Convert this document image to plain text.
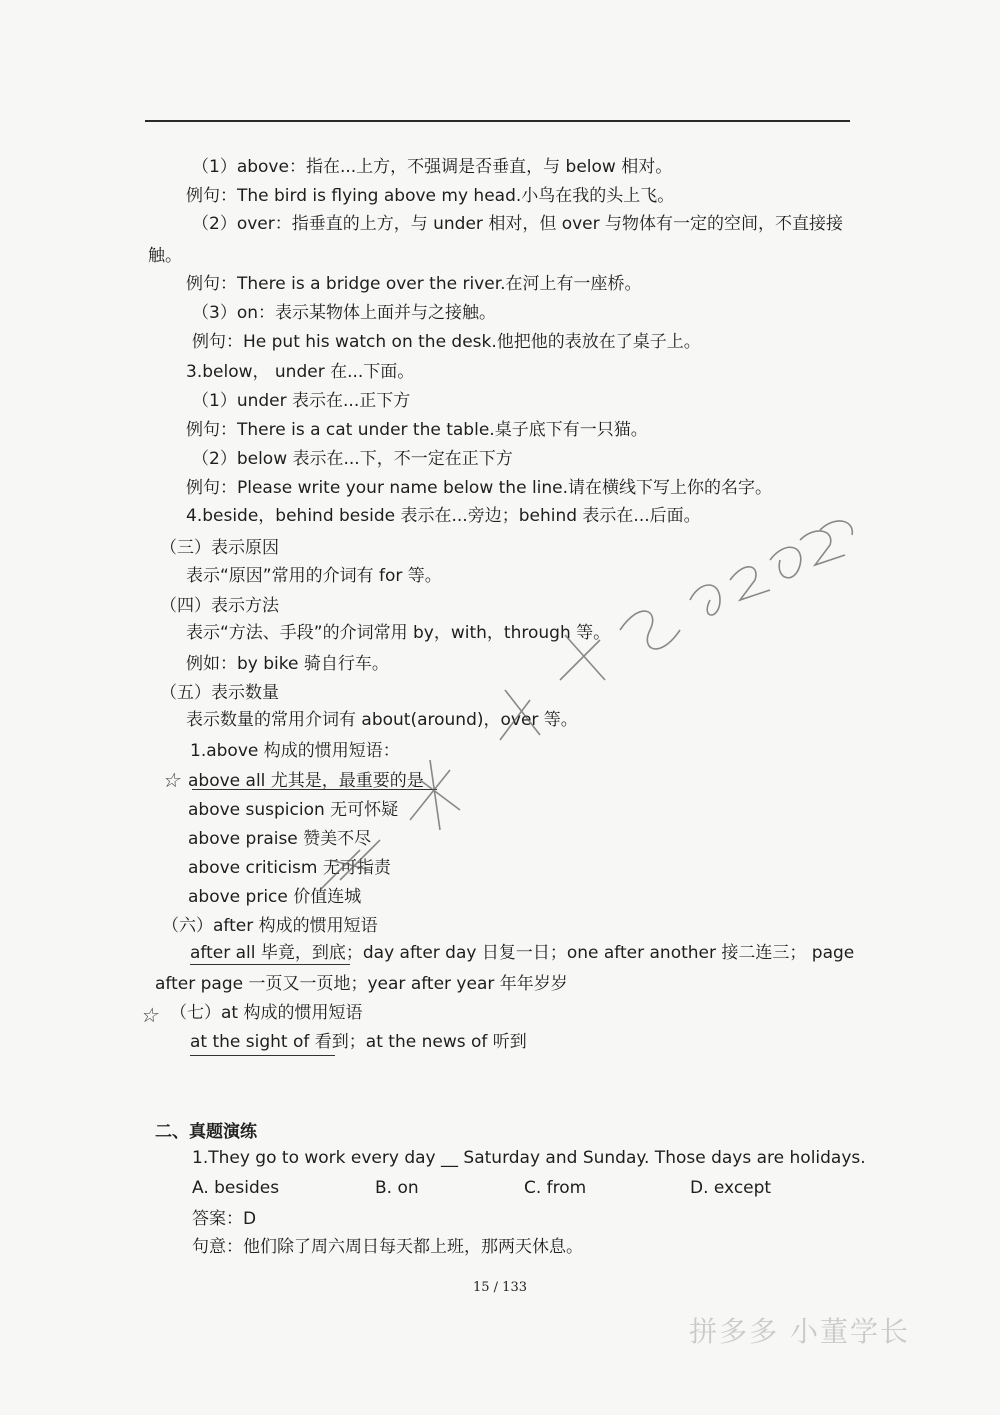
（1）above：指在...上方，不强调是否垂直，与 below 相对。
例句：The bird is flying above my head.小鸟在我的头上飞。
（2）over：指垂直的上方，与 under 相对，但 over 与物体有一定的空间，不直接接
触。
例句：There is a bridge over the river.在河上有一座桥。
（3）on：表示某物体上面并与之接触。
例句：He put his watch on the desk.他把他的表放在了桌子上。
3.below， under 在...下面。
（1）under 表示在...正下方
例句：There is a cat under the table.桌子底下有一只猫。
（2）below 表示在...下，不一定在正下方
例句：Please write your name below the line.请在横线下写上你的名字。
4.beside，behind beside 表示在...旁边；behind 表示在...后面。
（三）表示原因
表示“原因”常用的介词有 for 等。
（四）表示方法
表示“方法、手段”的介词常用 by，with，through 等。
例如：by bike 骑自行车。
（五）表示数量
表示数量的常用介词有 about(around)，over 等。
1.above 构成的惯用短语：
above all 尤其是，最重要的是
above suspicion 无可怀疑
above praise 赞美不尽
above criticism 无可指责
above price 价值连城
（六）after 构成的惯用短语
after all 毕竟，到底；day after day 日复一日；one after another 接二连三； page
after page 一页又一页地；year after year 年年岁岁
（七）at 构成的惯用短语
at the sight of 看到；at the news of 听到
二、真题演练
1.They go to work every day __ Saturday and Sunday. Those days are holidays.
A. besides	B. on	C. from	D. except
答案：D
句意：他们除了周六周日每天都上班，那两天休息。
15 / 133
拼多多 小董学长
☆
☆
